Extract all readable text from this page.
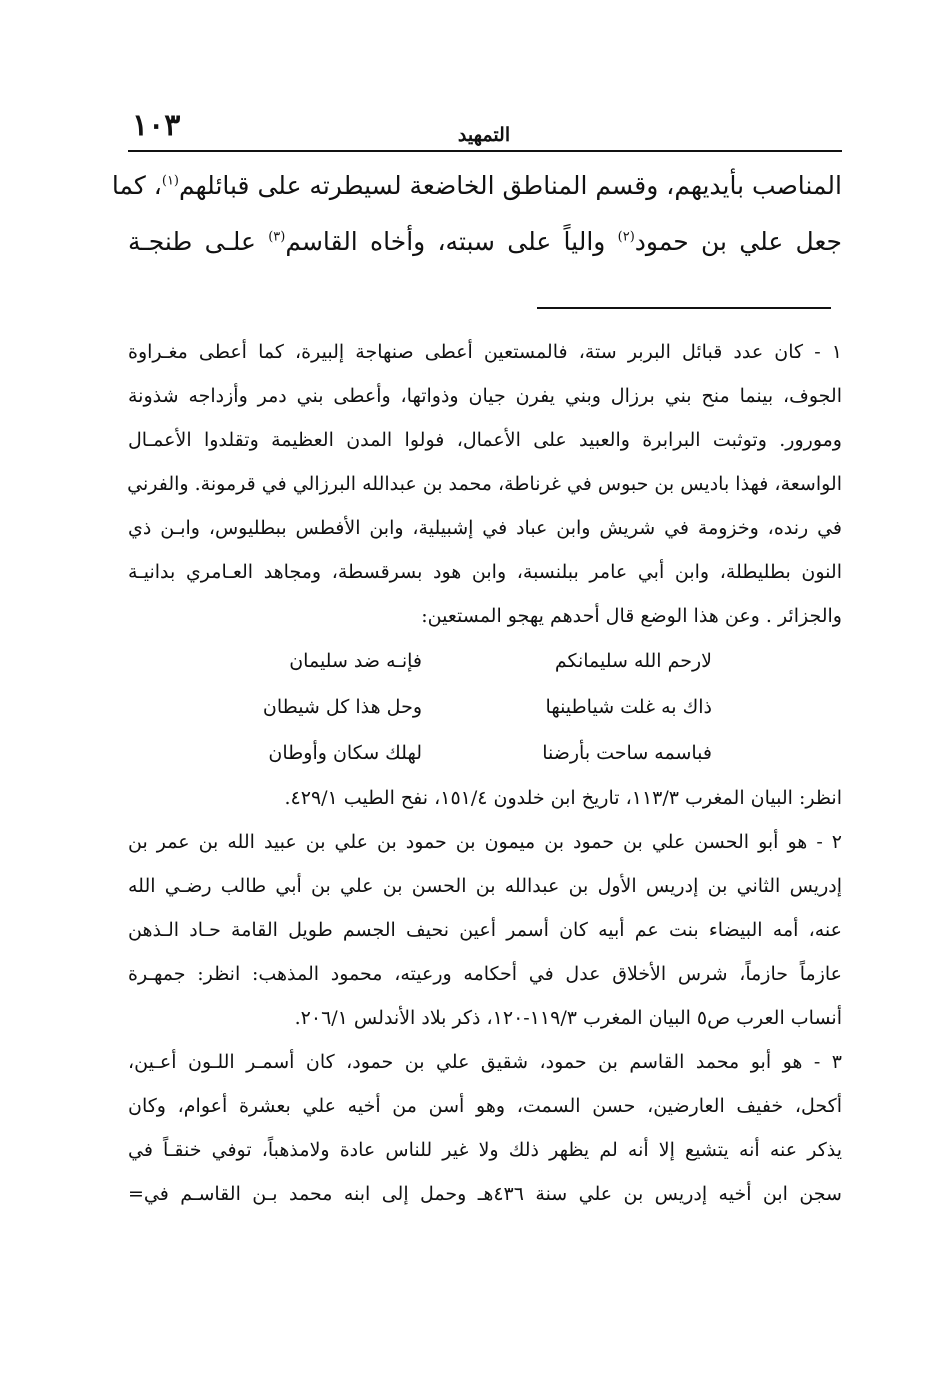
١٠٣	التمهيد
المناصب بأيديهم، وقسم المناطق الخاضعة لسيطرته على قبائلهم$^{(١)}$، كما
جعل علي بن حمود$^{(٢)}$ والياً على سبته، وأخاه القاسم$^{(٣)}$ علـى طنجـة
١ - كان عدد قبائل البربر ستة، فالمستعين أعطى صنهاجة إلبيرة، كما أعطى مغـراوة
الجوف، بينما منح بني برزال وبني يفرن جيان وذواتها، وأعطى بني دمر وأزداجه شذونة
ومورور. وتوثبت البرابرة والعبيد على الأعمال، فولوا المدن العظيمة وتقلدوا الأعمـال
الواسعة، فهذا باديس بن حبوس في غرناطة، محمد بن عبدالله البرزالي في قرمونة. والفرني
في رنده، وخزومة في شريش وابن عباد في إشبيلية، وابن الأفطس ببطليوس، وابـن ذي
النون بطليطلة، وابن أبي عامر ببلنسبة، وابن هود بسرقسطة، ومجاهد العـامري بدانيـة
والجزائر . وعن هذا الوضع قال أحدهم يهجو المستعين:
لارحم الله سليمانكم
فإنـه ضد سليمان
ذاك به غلت شياطينها
وحل هذا كل شيطان
فباسمه ساحت بأرضنا
لهلك سكان وأوطان
انظر: البيان المغرب ١١٣/٣، تاريخ ابن خلدون ١٥١/٤، نفح الطيب ٤٢٩/١.
٢ - هو أبو الحسن علي بن حمود بن ميمون بن حمود بن علي بن عبيد الله بن عمر بن
إدريس الثاني بن إدريس الأول بن عبدالله بن الحسن بن علي بن أبي طالب رضـي الله
عنه، أمه البيضاء بنت عم أبيه كان أسمر أعين نحيف الجسم طويل القامة حـاد الـذهن
عازماً حازماً، شرس الأخلاق عدل في أحكامه ورعيته، محمود المذهب: انظر: جمهـرة
أنساب العرب ص٥ البيان المغرب ١١٩/٣-١٢٠، ذكر بلاد الأندلس ٢٠٦/١.
٣ - هو أبو محمد القاسم بن حمود، شقيق علي بن حمود، كان أسمـر اللـون أعـين،
أكحل، خفيف العارضين، حسن السمت، وهو أسن من أخيه علي بعشرة أعوام، وكان
يذكر عنه أنه يتشيع إلا أنه لم يظهر ذلك ولا غير للناس عادة ولامذهباً، توفي خنقـاً في
سجن ابن أخيه إدريس بن علي سنة ٤٣٦هـ وحمل إلى ابنه محمد بـن القاسـم في=
